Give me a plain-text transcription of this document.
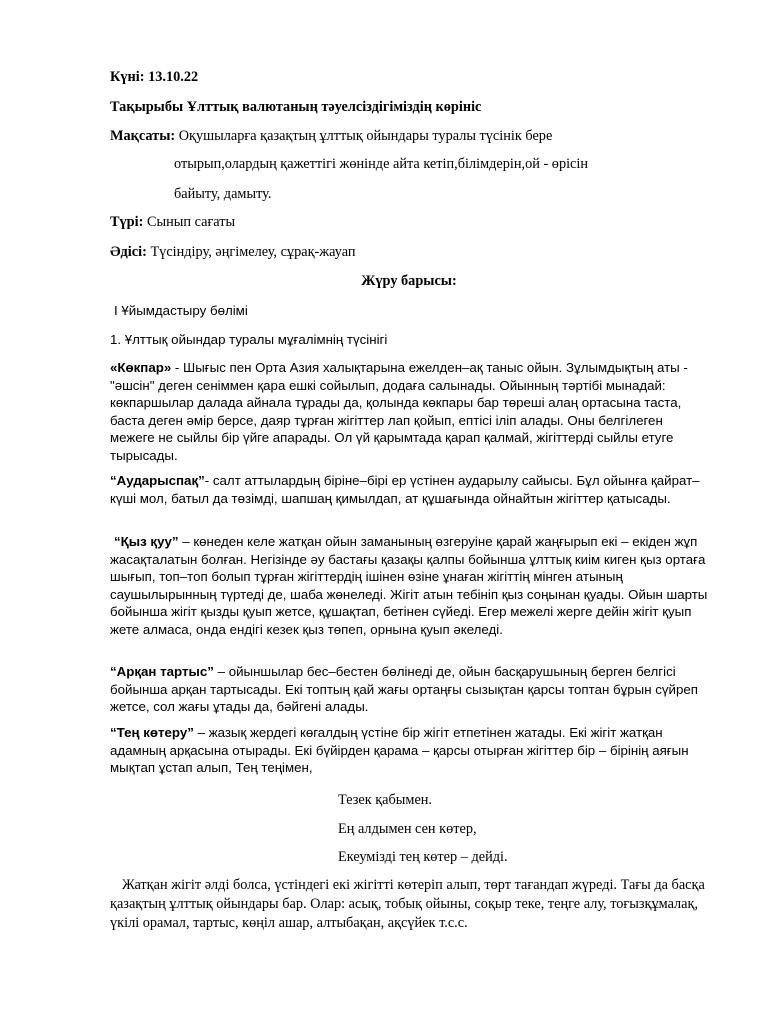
Күні: 13.10.22
Тақырыбы Ұлттық валютаның тәуелсіздігіміздің көрініс
Мақсаты: Оқушыларға қазақтың ұлттық ойындары туралы түсінік бере
отырып,олардың қажеттігі жөнінде айта кетіп,білімдерін,ой - өрісін
байыту, дамыту.
Түрі: Сынып сағаты
Әдісі: Түсіндіру, әңгімелеу, сұрақ-жауап
Жүру барысы:
І Ұйымдастыру бөлімі
1. Ұлттық ойындар туралы мұғалімнің түсінігі
«Көкпар» - Шығыс пен Орта Азия халықтарына ежелден–ақ таныс ойын. Зұлымдықтың аты -"әшсін" деген сеніммен қара ешкі сойылып, додаға салынады. Ойынның тәртібі мынадай: көкпаршылар далада айнала тұрады да, қолында көкпары бар төреші алаң ортасына таста, баста деген әмір берсе, даяр тұрған жігіттер лап қойып, ептісі іліп алады. Оны белгілеген межеге не сыйлы бір үйге апарады. Ол үй қарымтада қарап қалмай, жігіттерді сыйлы етуге тырысады.
“Аударыспақ”- салт аттылардың біріне–бірі ер үстінен аударылу сайысы. Бұл ойынға қайрат–күші мол, батыл да төзімді, шапшаң қимылдап, ат құшағында ойнайтын жігіттер қатысады.
“Қыз қуу” – көнеден келе жатқан ойын заманының өзгеруіне қарай жаңғырып екі – екіден жұп жасақталатын болған. Негізінде әу бастағы қазақы қалпы бойынша ұлттық киім киген қыз ортаға шығып, топ–топ болып тұрған жігіттердің ішінен өзіне ұнаған жігіттің мінген атының саушылырынның түртеді де, шаба жөнеледі. Жігіт атын тебініп қыз соңынан қуады. Ойын шарты бойынша жігіт қызды қуып жетсе, құшақтап, бетінен сүйеді. Егер межелі жерге дейін жігіт қуып жете алмаса, онда ендігі кезек қыз төпеп, орнына қуып әкеледі.
“Арқан тартыс” – ойыншылар бес–бестен бөлінеді де, ойын басқарушының берген белгісі бойынша арқан тартысады. Екі топтың қай жағы ортаңғы сызықтан қарсы топтан бұрын сүйреп жетсе, сол жағы ұтады да, бәйгені алады.
“Тең көтеру” – жазық жердегі көгалдың үстіне бір жігіт етпетінен жатады. Екі жігіт жатқан адамның арқасына отырады. Екі бүйірден қарама – қарсы отырған жігіттер бір – бірінің аяғын мықтап ұстап алып, Тең теңімен,
Тезек қабымен.
Ең алдымен сен көтер,
Екеумізді тең көтер – дейді.
Жатқан жігіт әлді болса, үстіндегі екі жігітті көтеріп алып, төрт тағандап жүреді. Тағы да басқа қазақтың ұлттық ойындары бар. Олар: асық, тобық ойыны, соқыр теке, теңге алу, тоғызқұмалақ, үкілі орамал, тартыс, көңіл ашар, алтыбақан, ақсүйек т.с.с.
